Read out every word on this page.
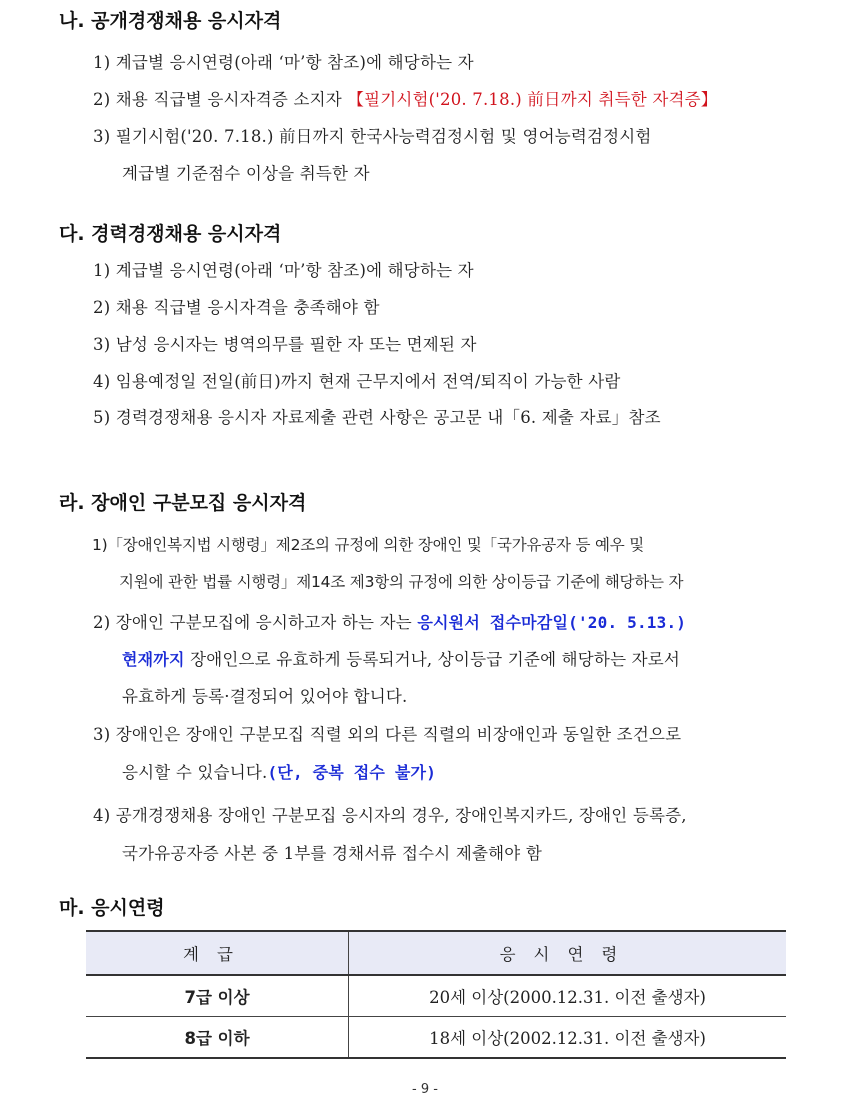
나. 공개경쟁채용 응시자격
1) 계급별 응시연령(아래 ‘마’항 참조)에 해당하는 자
2) 채용 직급별 응시자격증 소지자 【필기시험('20. 7.18.) 前日까지 취득한 자격증】
3) 필기시험('20. 7.18.) 前日까지 한국사능력검정시험 및 영어능력검정시험
계급별 기준점수 이상을 취득한 자
다. 경력경쟁채용 응시자격
1) 계급별 응시연령(아래 ‘마’항 참조)에 해당하는 자
2) 채용 직급별 응시자격을 충족해야 함
3) 남성 응시자는 병역의무를 필한 자 또는 면제된 자
4) 임용예정일 전일(前日)까지 현재 근무지에서 전역/퇴직이 가능한 사람
5) 경력경쟁채용 응시자 자료제출 관련 사항은 공고문 내「6. 제출 자료」참조
라. 장애인 구분모집 응시자격
1)「장애인복지법 시행령」제2조의 규정에 의한 장애인 및「국가유공자 등 예우 및
지원에 관한 법률 시행령」제14조 제3항의 규정에 의한 상이등급 기준에 해당하는 자
2) 장애인 구분모집에 응시하고자 하는 자는 응시원서 접수마감일('20. 5.13.)
현재까지 장애인으로 유효하게 등록되거나, 상이등급 기준에 해당하는 자로서
유효하게 등록·결정되어 있어야 합니다.
3) 장애인은 장애인 구분모집 직렬 외의 다른 직렬의 비장애인과 동일한 조건으로
응시할 수 있습니다.(단, 중복 접수 불가)
4) 공개경쟁채용 장애인 구분모집 응시자의 경우, 장애인복지카드, 장애인 등록증,
국가유공자증 사본 중 1부를 경채서류 접수시 제출해야 함
마. 응시연령
계급	응시연령
7급 이상	20세 이상(2000.12.31. 이전 출생자)
8급 이하	18세 이상(2002.12.31. 이전 출생자)
- 9 -
